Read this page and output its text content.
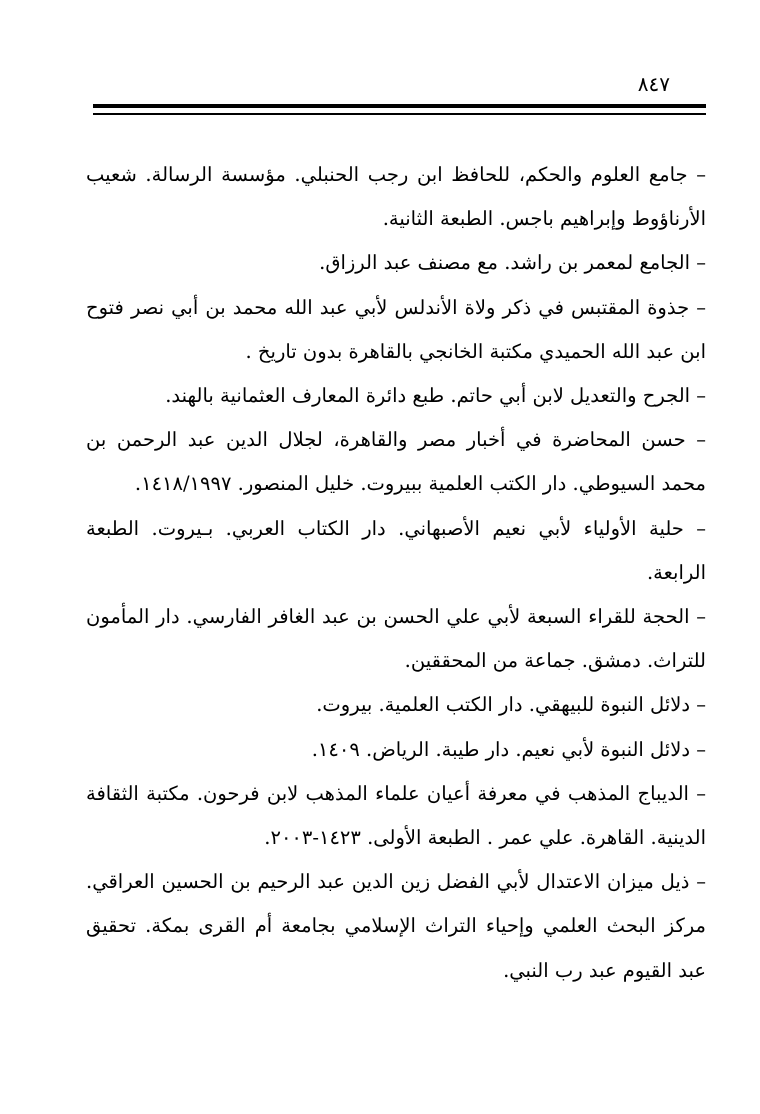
٨٤٧

– جامع العلوم والحكم، للحافظ ابن رجب الحنبلي. مؤسسة الرسالة. شعيب الأرناؤوط وإبراهيم باجس. الطبعة الثانية.

– الجامع لمعمر بن راشد. مع مصنف عبد الرزاق.

– جذوة المقتبس في ذكر ولاة الأندلس لأبي عبد الله محمد بن أبي نصر فتوح ابن عبد الله الحميدي مكتبة الخانجي بالقاهرة بدون تاريخ .

– الجرح والتعديل لابن أبي حاتم. طبع دائرة المعارف العثمانية بالهند.

– حسن المحاضرة في أخبار مصر والقاهرة، لجلال الدين عبد الرحمن بن محمد السيوطي. دار الكتب العلمية ببيروت. خليل المنصور. ١٤١٨/١٩٩٧.

– حلية الأولياء لأبي نعيم الأصبهاني. دار الكتاب العربي. بـيروت. الطبعة الرابعة.

– الحجة للقراء السبعة لأبي علي الحسن بن عبد الغافر الفارسي. دار المأمون للتراث. دمشق. جماعة من المحققين.

– دلائل النبوة للبيهقي. دار الكتب العلمية. بيروت.

– دلائل النبوة لأبي نعيم. دار طيبة. الرياض. ١٤٠٩.

– الديباج المذهب في معرفة أعيان علماء المذهب لابن فرحون. مكتبة الثقافة الدينية. القاهرة. علي عمر . الطبعة الأولى. ١٤٢٣-٢٠٠٣.

– ذيل ميزان الاعتدال لأبي الفضل زين الدين عبد الرحيم بن الحسين العراقي. مركز البحث العلمي وإحياء التراث الإسلامي بجامعة أم القرى بمكة. تحقيق عبد القيوم عبد رب النبي.
